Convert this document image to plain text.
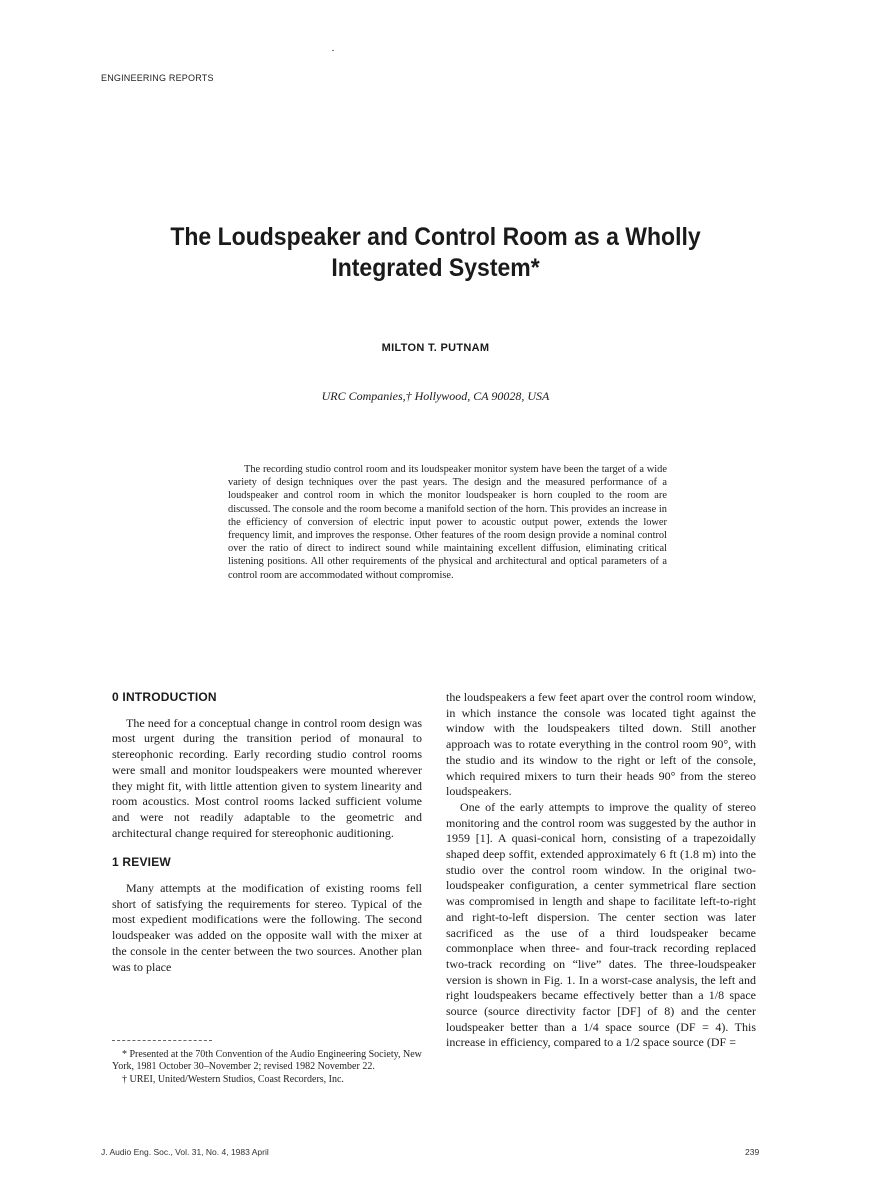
ENGINEERING REPORTS
The Loudspeaker and Control Room as a Wholly
Integrated System*
MILTON T. PUTNAM
URC Companies,† Hollywood, CA 90028, USA

The recording studio control room and its loudspeaker monitor system have been the target of a wide variety of design techniques over the past years. The design and the measured performance of a loudspeaker and control room in which the monitor loudspeaker is horn coupled to the room are discussed. The console and the room become a manifold section of the horn. This provides an increase in the efficiency of conversion of electric input power to acoustic output power, extends the lower frequency limit, and improves the response. Other features of the room design provide a nominal control over the ratio of direct to indirect sound while maintaining excellent diffusion, eliminating critical listening positions. All other requirements of the physical and architectural and optical parameters of a control room are accommodated without compromise.

0 INTRODUCTION

The need for a conceptual change in control room design was most urgent during the transition period of monaural to stereophonic recording. Early recording studio control rooms were small and monitor loudspeakers were mounted wherever they might fit, with little attention given to system linearity and room acoustics. Most control rooms lacked sufficient volume and were not readily adaptable to the geometric and architectural change required for stereophonic auditioning.

1 REVIEW

Many attempts at the modification of existing rooms fell short of satisfying the requirements for stereo. Typical of the most expedient modifications were the following. The second loudspeaker was added on the opposite wall with the mixer at the console in the center between the two sources. Another plan was to place

the loudspeakers a few feet apart over the control room window, in which instance the console was located tight against the window with the loudspeakers tilted down. Still another approach was to rotate everything in the control room 90°, with the studio and its window to the right or left of the console, which required mixers to turn their heads 90° from the stereo loudspeakers.

One of the early attempts to improve the quality of stereo monitoring and the control room was suggested by the author in 1959 [1]. A quasi-conical horn, consisting of a trapezoidally shaped deep soffit, extended approximately 6 ft (1.8 m) into the studio over the control room window. In the original two-loudspeaker configuration, a center symmetrical flare section was compromised in length and shape to facilitate left-to-right and right-to-left dispersion. The center section was later sacrificed as the use of a third loudspeaker became commonplace when three- and four-track recording replaced two-track recording on “live” dates. The three-loudspeaker version is shown in Fig. 1. In a worst-case analysis, the left and right loudspeakers became effectively better than a 1/8 space source (source directivity factor [DF] of 8) and the center loudspeaker better than a 1/4 space source (DF = 4). This increase in efficiency, compared to a 1/2 space source (DF =

* Presented at the 70th Convention of the Audio Engineering Society, New York, 1981 October 30–November 2; revised 1982 November 22.

† UREI, United/Western Studios, Coast Recorders, Inc.

J. Audio Eng. Soc., Vol. 31, No. 4, 1983 April	239
